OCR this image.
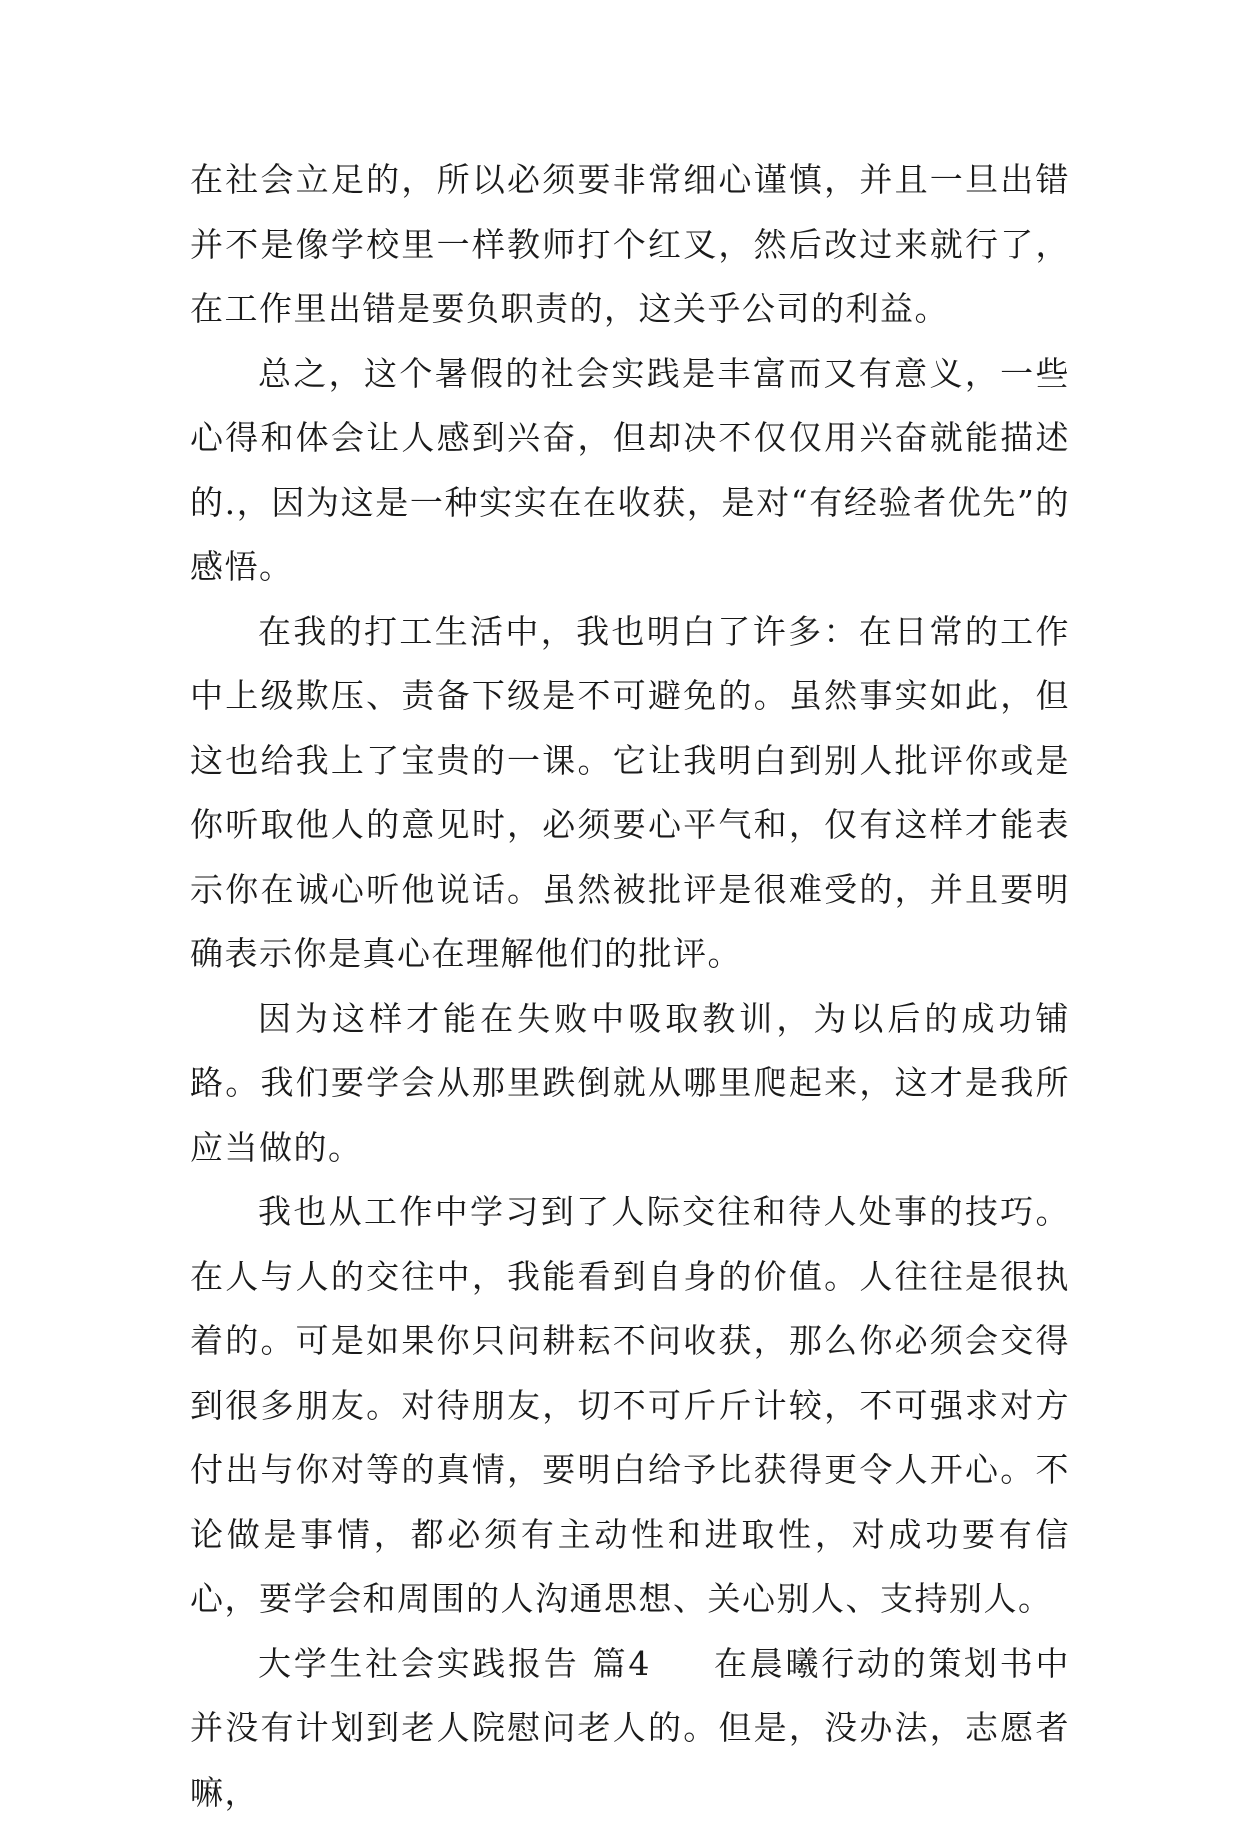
在社会立足的，所以必须要非常细心谨慎，并且一旦出错并不是像学校里一样教师打个红叉，然后改过来就行了，在工作里出错是要负职责的，这关乎公司的利益。

总之，这个暑假的社会实践是丰富而又有意义，一些心得和体会让人感到兴奋，但却决不仅仅用兴奋就能描述的.，因为这是一种实实在在收获，是对“有经验者优先”的感悟。

在我的打工生活中，我也明白了许多：在日常的工作中上级欺压、责备下级是不可避免的。虽然事实如此，但这也给我上了宝贵的一课。它让我明白到别人批评你或是你听取他人的意见时，必须要心平气和，仅有这样才能表示你在诚心听他说话。虽然被批评是很难受的，并且要明确表示你是真心在理解他们的批评。

因为这样才能在失败中吸取教训，为以后的成功铺路。我们要学会从那里跌倒就从哪里爬起来，这才是我所应当做的。

我也从工作中学习到了人际交往和待人处事的技巧。在人与人的交往中，我能看到自身的价值。人往往是很执着的。可是如果你只问耕耘不问收获，那么你必须会交得到很多朋友。对待朋友，切不可斤斤计较，不可强求对方付出与你对等的真情，要明白给予比获得更令人开心。不论做是事情，都必须有主动性和进取性，对成功要有信心，要学会和周围的人沟通思想、关心别人、支持别人。

大学生社会实践报告 篇4 在晨曦行动的策划书中并没有计划到老人院慰问老人的。但是，没办法，志愿者嘛，
